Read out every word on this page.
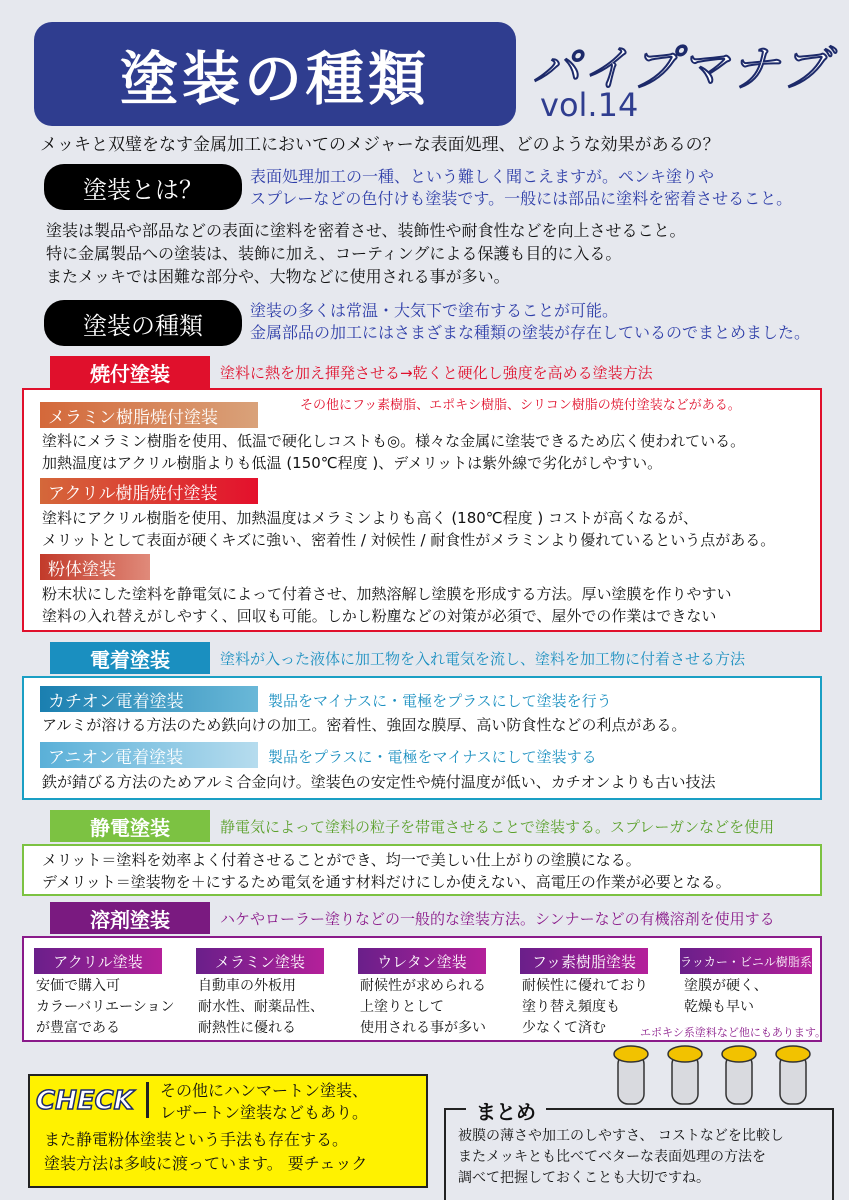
塗装の種類	パイプマナブ
vol.14
メッキと双璧をなす金属加工においてのメジャーな表面処理、どのような効果があるの？
塗装とは？	表面処理加工の一種、という難しく聞こえますが。ペンキ塗りや
スプレーなどの色付けも塗装です。一般には部品に塗料を密着させること。
塗装は製品や部品などの表面に塗料を密着させ、装飾性や耐食性などを向上させること。
特に金属製品への塗装は、装飾に加え、コーティングによる保護も目的に入る。
またメッキでは困難な部分や、大物などに使用される事が多い。
塗装の種類
塗装の多くは常温・大気下で塗布することが可能。
金属部品の加工にはさまざまな種類の塗装が存在しているのでまとめました。
焼付塗装	塗料に熱を加え揮発させる→乾くと硬化し強度を高める塗装方法
その他にフッ素樹脂、エポキシ樹脂、シリコン樹脂の焼付塗装などがある。
メラミン樹脂焼付塗装
塗料にメラミン樹脂を使用、低温で硬化しコストも◎。様々な金属に塗装できるため広く使われている。
加熱温度はアクリル樹脂よりも低温 (150℃程度 )、デメリットは紫外線で劣化がしやすい。
アクリル樹脂焼付塗装
塗料にアクリル樹脂を使用、加熱温度はメラミンよりも高く (180℃程度 ) コストが高くなるが、
メリットとして表面が硬くキズに強い、密着性 / 対候性 / 耐食性がメラミンより優れているという点がある。
粉体塗装
粉末状にした塗料を静電気によって付着させ、加熱溶解し塗膜を形成する方法。厚い塗膜を作りやすい
塗料の入れ替えがしやすく、回収も可能。しかし粉塵などの対策が必須で、屋外での作業はできない
電着塗装	塗料が入った液体に加工物を入れ電気を流し、塗料を加工物に付着させる方法
カチオン電着塗装	製品をマイナスに・電極をプラスにして塗装を行う
アルミが溶ける方法のため鉄向けの加工。密着性、強固な膜厚、高い防食性などの利点がある。
アニオン電着塗装	製品をプラスに・電極をマイナスにして塗装する
鉄が錆びる方法のためアルミ合金向け。塗装色の安定性や焼付温度が低い、カチオンよりも古い技法
静電塗装	静電気によって塗料の粒子を帯電させることで塗装する。スプレーガンなどを使用
メリット＝塗料を効率よく付着させることができ、均一で美しい仕上がりの塗膜になる。
デメリット＝塗装物を＋にするため電気を通す材料だけにしか使えない、高電圧の作業が必要となる。
溶剤塗装	ハケやローラー塗りなどの一般的な塗装方法。シンナーなどの有機溶剤を使用する
アクリル塗装
安価で購入可
カラーバリエーション
が豊富である
メラミン塗装
自動車の外板用
耐水性、耐薬品性、
耐熱性に優れる
ウレタン塗装
耐候性が求められる
上塗りとして
使用される事が多い
フッ素樹脂塗装
耐候性に優れており
塗り替え頻度も
少なくて済む
ラッカー・ビニル樹脂系
塗膜が硬く、
乾燥も早い
エポキシ系塗料など他にもあります。
CHECK その他にハンマートン塗装、
レザートン塗装などもあり。
また静電粉体塗装という手法も存在する。
塗装方法は多岐に渡っています。 要チェック
まとめ
被膜の薄さや加工のしやすさ、 コストなどを比較し
またメッキとも比べてベターな表面処理の方法を
調べて把握しておくことも大切ですね。
